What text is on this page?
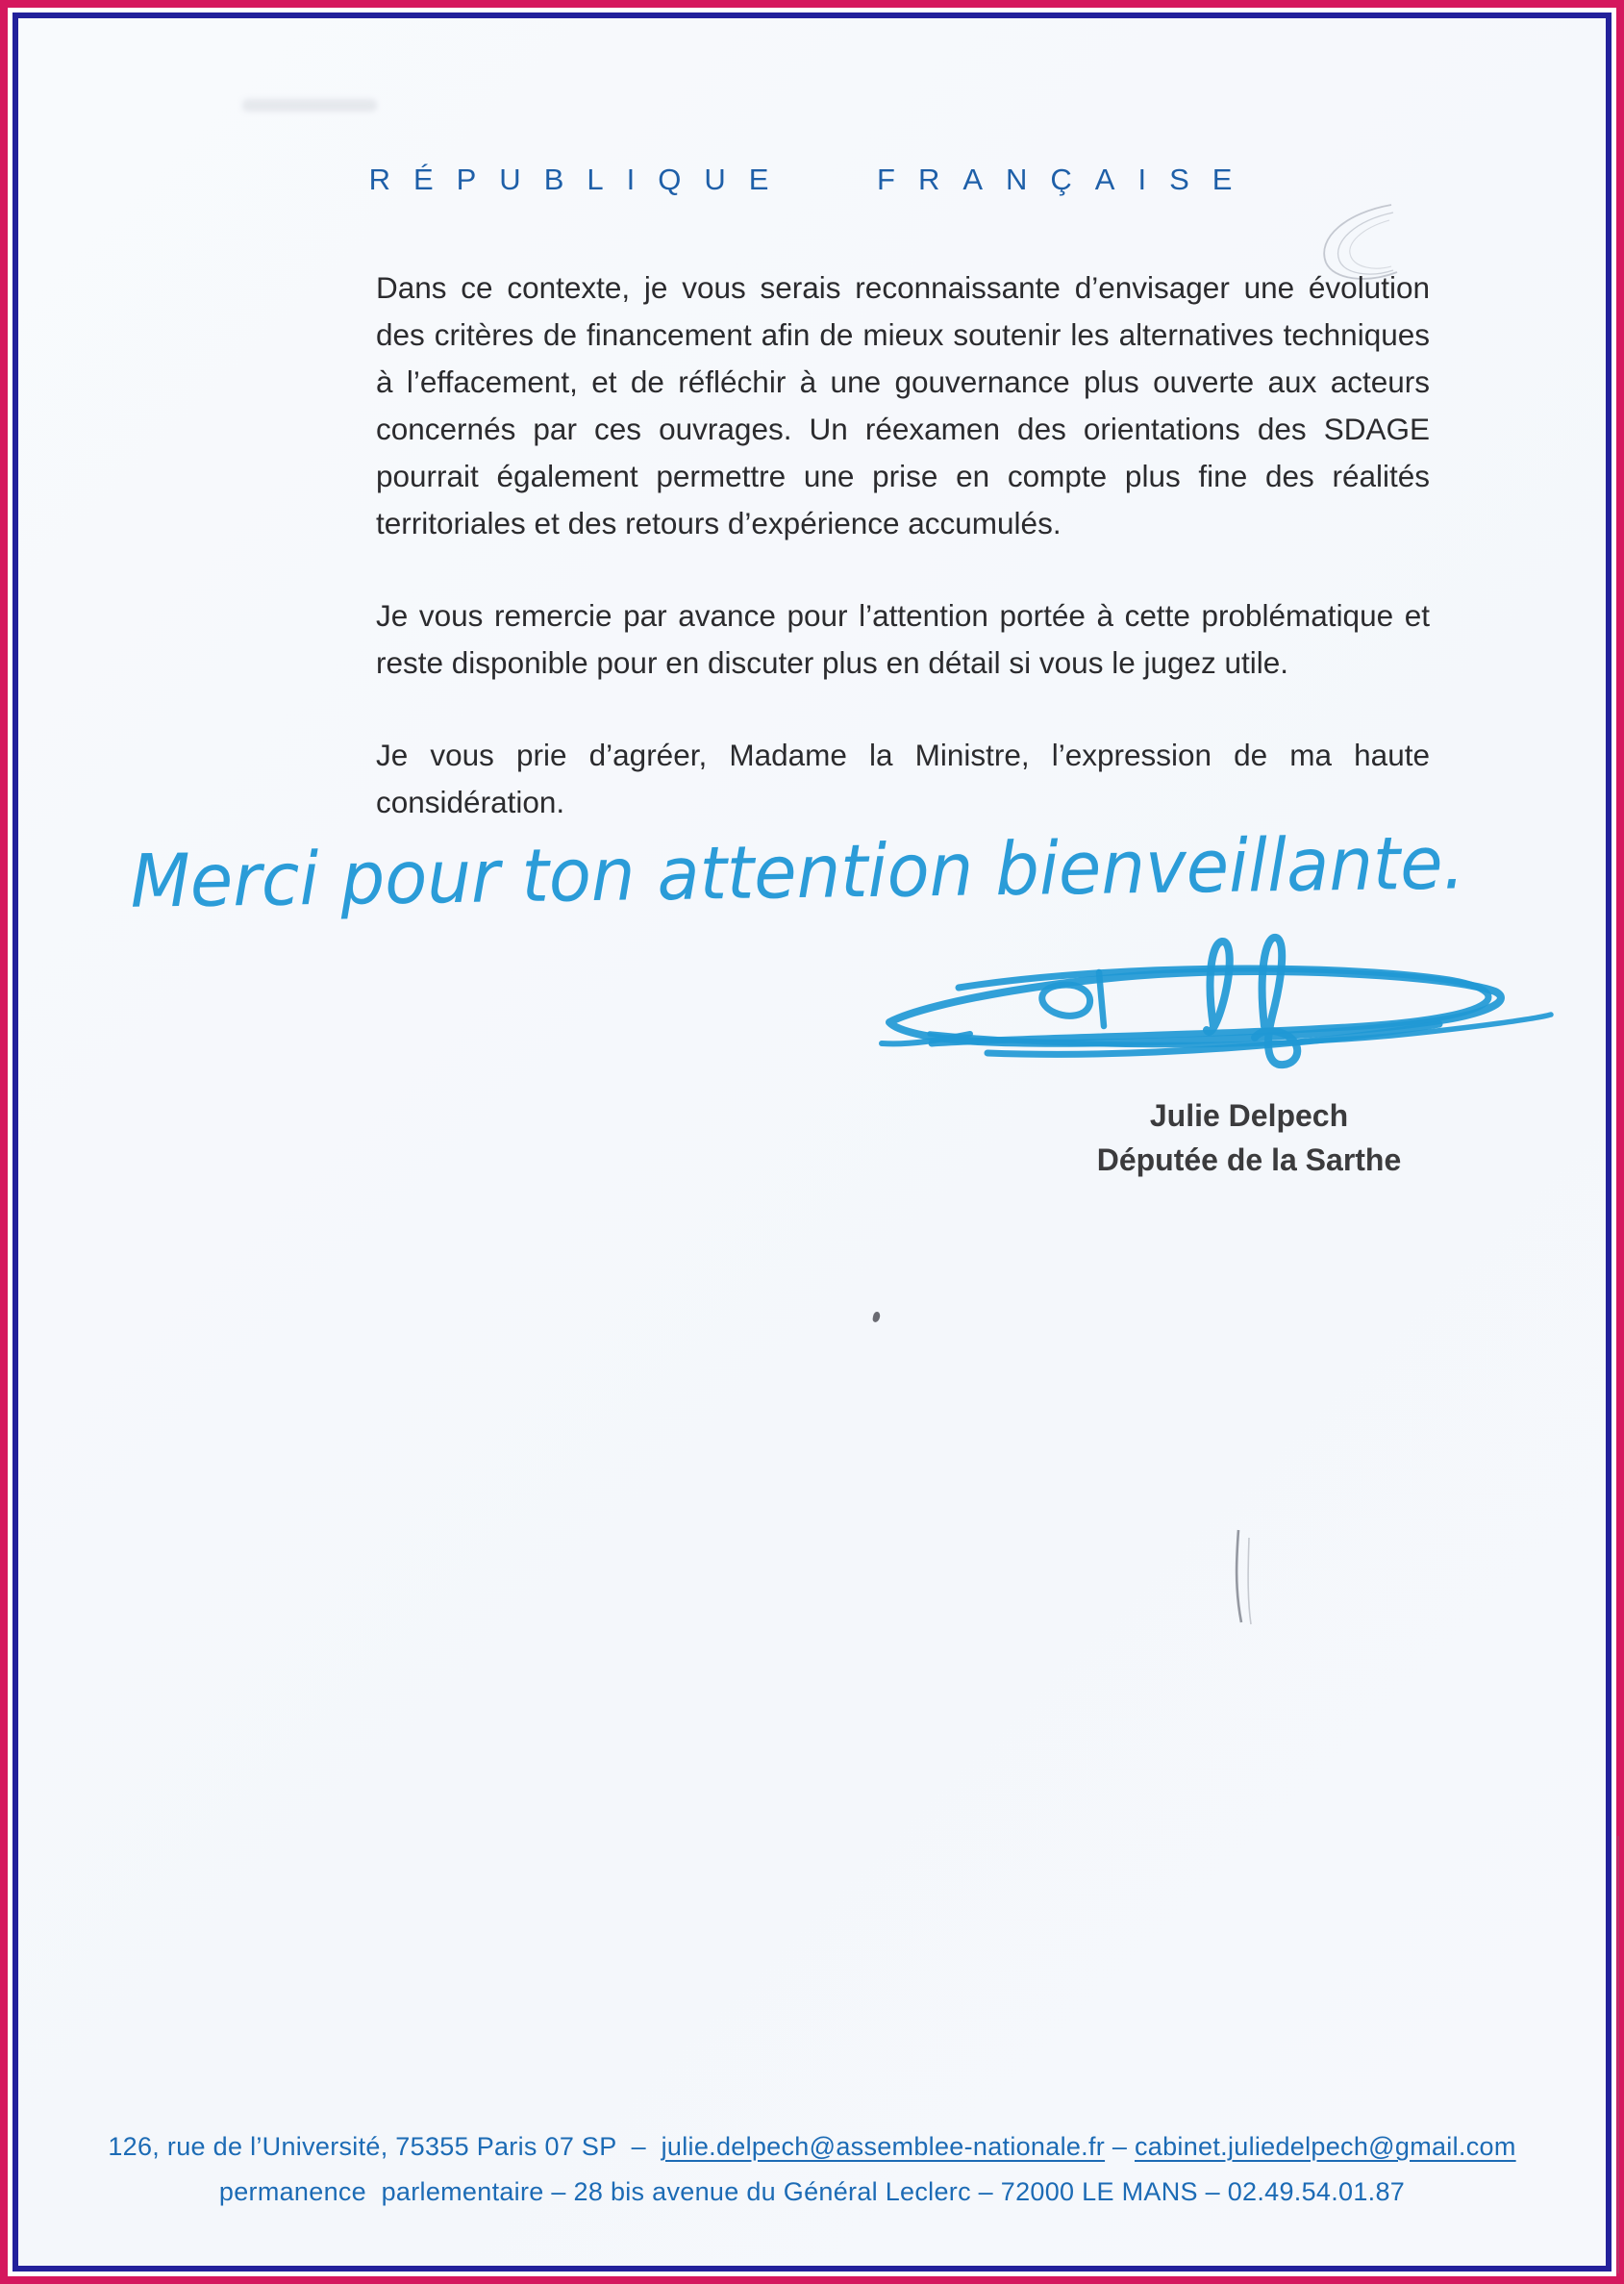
RÉPUBLIQUE FRANÇAISE

Dans ce contexte, je vous serais reconnaissante d’envisager une évolution des critères de financement afin de mieux soutenir les alternatives techniques à l’effacement, et de réfléchir à une gouvernance plus ouverte aux acteurs concernés par ces ouvrages. Un réexamen des orientations des SDAGE pourrait également permettre une prise en compte plus fine des réalités territoriales et des retours d’expérience accumulés.

Je vous remercie par avance pour l’attention portée à cette problématique et reste disponible pour en discuter plus en détail si vous le jugez utile.

Je vous prie d’agréer, Madame la Ministre, l’expression de ma haute considération.

Merci pour ton attention bienveillante.
Julie Delpech
Députée de la Sarthe
126, rue de l’Université, 75355 Paris 07 SP  –  julie.delpech@assemblee-nationale.fr – cabinet.juliedelpech@gmail.com
permanence  parlementaire – 28 bis avenue du Général Leclerc – 72000 LE MANS – 02.49.54.01.87
